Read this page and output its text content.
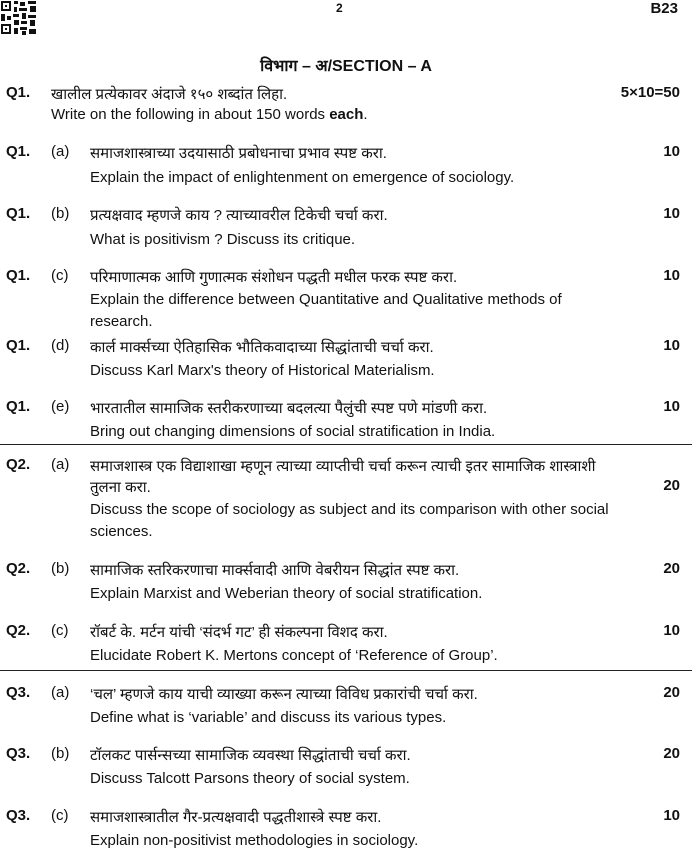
2	B23
विभाग – अ/SECTION – A
Q1. खालील प्रत्येकावर अंदाजे १५० शब्दांत लिहा.	5×10=50
Write on the following in about 150 words each.
Q1. (a) समाजशास्त्राच्या उदयासाठी प्रबोधनाचा प्रभाव स्पष्ट करा.	10
Explain the impact of enlightenment on emergence of sociology.
Q1. (b) प्रत्यक्षवाद म्हणजे काय ? त्याच्यावरील टिकेची चर्चा करा.	10
What is positivism ? Discuss its critique.
Q1. (c) परिमाणात्मक आणि गुणात्मक संशोधन पद्धती मधील फरक स्पष्ट करा.	10
Explain the difference between Quantitative and Qualitative methods of
research.
Q1. (d) कार्ल मार्क्सच्या ऐतिहासिक भौतिकवादाच्या सिद्धांताची चर्चा करा.	10
Discuss Karl Marx's theory of Historical Materialism.
Q1. (e) भारतातील सामाजिक स्तरीकरणाच्या बदलत्या पैलुंची स्पष्ट पणे मांडणी करा.	10
Bring out changing dimensions of social stratification in India.
Q2. (a) समाजशास्त्र एक विद्याशाखा म्हणून त्याच्या व्याप्तीची चर्चा करून त्याची इतर सामाजिक शास्त्राशी
तुलना करा.	20
Discuss the scope of sociology as subject and its comparison with other social
sciences.
Q2. (b) सामाजिक स्तरिकरणाचा मार्क्सवादी आणि वेबरीयन सिद्धांत स्पष्ट करा.	20
Explain Marxist and Weberian theory of social stratification.
Q2. (c) रॉबर्ट के. मर्टन यांची ‘संदर्भ गट’ ही संकल्पना विशद करा.	10
Elucidate Robert K. Mertons concept of ‘Reference of Group’.
Q3. (a) ‘चल’ म्हणजे काय याची व्याख्या करून त्याच्या विविध प्रकारांची चर्चा करा.	20
Define what is ‘variable’ and discuss its various types.
Q3. (b) टॉलकट पार्सन्सच्या सामाजिक व्यवस्था सिद्धांताची चर्चा करा.	20
Discuss Talcott Parsons theory of social system.
Q3. (c) समाजशास्त्रातील गैर-प्रत्यक्षवादी पद्धतीशास्त्रे स्पष्ट करा.	10
Explain non-positivist methodologies in sociology.
